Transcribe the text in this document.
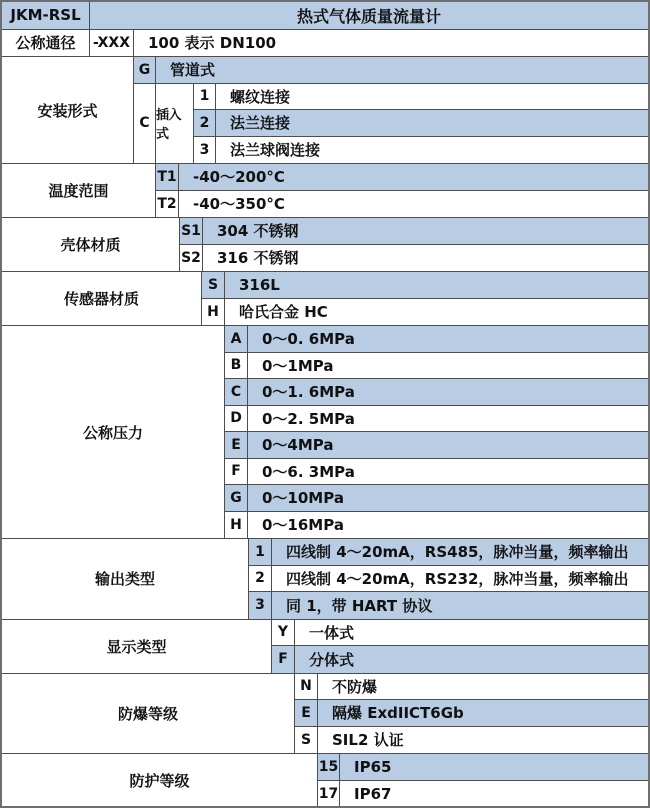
JKM-RSL	热式气体质量流量计
公称通径	-XXX	100 表示 DN100
安装形式
G	管道式
C 插入式
1	螺纹连接
2	法兰连接
3	法兰球阀连接
温度范围
T1	-40～200°C
T2	-40～350°C
壳体材质
S1	304 不锈钢
S2	316 不锈钢
传感器材质
S	316L
H	哈氏合金 HC
公称压力
A	0～0. 6MPa
B	0～1MPa
C	0～1. 6MPa
D	0～2. 5MPa
E	0～4MPa
F	0～6. 3MPa
G	0～10MPa
H	0～16MPa
输出类型
1	四线制 4～20mA，RS485，脉冲当量，频率输出
2	四线制 4～20mA，RS232，脉冲当量，频率输出
3	同 1，带 HART 协议
显示类型
Y	一体式
F	分体式
防爆等级
N	不防爆
E	隔爆 ExdIICT6Gb
S	SIL2 认证
防护等级
15	IP65
17	IP67
